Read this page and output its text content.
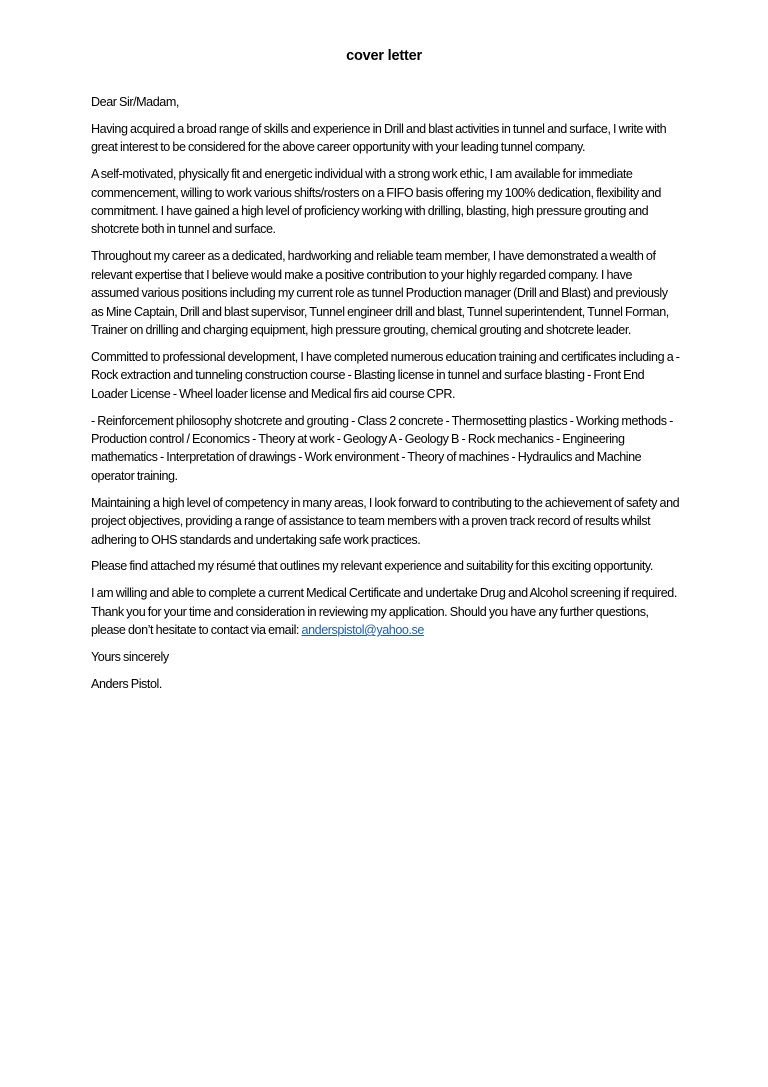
cover letter

Dear Sir/Madam,

Having acquired a broad range of skills and experience in Drill and blast activities in tunnel and surface, I write with great interest to be considered for the above career opportunity with your leading tunnel company.

A self-motivated, physically fit and energetic individual with a strong work ethic, I am available for immediate commencement, willing to work various shifts/rosters on a FIFO basis offering my 100% dedication, flexibility and commitment. I have gained a high level of proficiency working with drilling, blasting, high pressure grouting and shotcrete both in tunnel and surface.

Throughout my career as a dedicated, hardworking and reliable team member, I have demonstrated a wealth of relevant expertise that I believe would make a positive contribution to your highly regarded company. I have assumed various positions including my current role as tunnel Production manager (Drill and Blast) and previously as Mine Captain, Drill and blast supervisor, Tunnel engineer drill and blast, Tunnel superintendent, Tunnel Forman, Trainer on drilling and charging equipment, high pressure grouting, chemical grouting and shotcrete leader.

Committed to professional development, I have completed numerous education training and certificates including a -Rock extraction and tunneling construction course - Blasting license in tunnel and surface blasting - Front End Loader License - Wheel loader license and Medical firs aid course CPR.

- Reinforcement philosophy shotcrete and grouting - Class 2 concrete - Thermosetting plastics - Working methods - Production control / Economics - Theory at work - Geology A - Geology B - Rock mechanics - Engineering mathematics - Interpretation of drawings - Work environment - Theory of machines - Hydraulics and Machine operator training.

Maintaining a high level of competency in many areas, I look forward to contributing to the achievement of safety and project objectives, providing a range of assistance to team members with a proven track record of results whilst adhering to OHS standards and undertaking safe work practices.

Please find attached my résumé that outlines my relevant experience and suitability for this exciting opportunity.

I am willing and able to complete a current Medical Certificate and undertake Drug and Alcohol screening if required. Thank you for your time and consideration in reviewing my application. Should you have any further questions, please don’t hesitate to contact via email: anderspistol@yahoo.se

Yours sincerely

Anders Pistol.
